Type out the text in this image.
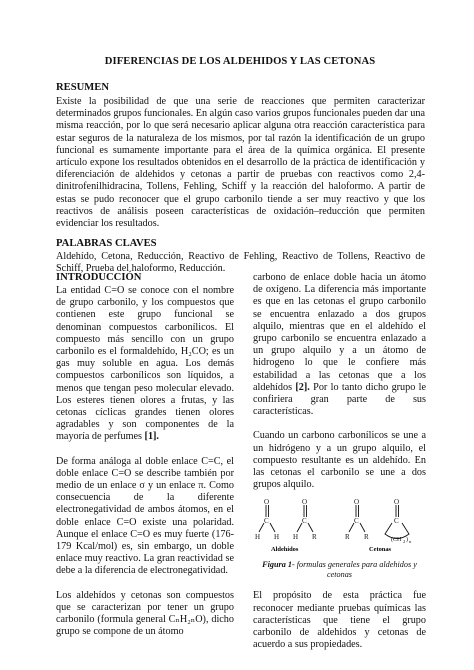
DIFERENCIAS DE LOS ALDEHIDOS Y LAS CETONAS
RESUMEN
Existe la posibilidad de que una serie de reacciones que permiten caracterizar determinados grupos funcionales. En algún caso varios grupos funcionales pueden dar una misma reacción, por lo que será necesario aplicar alguna otra reacción característica para estar seguros de la naturaleza de los mismos, por tal razón la identificación de un grupo funcional es sumamente importante para el área de la química orgánica. El presente artículo expone los resultados obtenidos en el desarrollo de la práctica de identificación y diferenciación de aldehidos y cetonas a partir de pruebas con reactivos como 2,4-dinitrofenilhidracina, Tollens, Fehling, Schiff y la reacción del haloformo. A partir de estas se pudo reconocer que el grupo carbonilo tiende a ser muy reactivo y que los reactivos de análisis poseen características de oxidación–reducción que permiten evidenciar los resultados.
PALABRAS CLAVES
Aldehído, Cetona, Reducción, Reactivo de Fehling, Reactivo de Tollens, Reactivo de Schiff, Prueba del haloformo, Reducción.
INTRODUCCIÓN

La entidad C=O se conoce con el nombre de grupo carbonilo, y los compuestos que contienen este grupo funcional se denominan compuestos carbonílicos. El compuesto más sencillo con un grupo carbonilo es el formaldehído, H₂CO; es un gas muy soluble en agua. Los demás compuestos carbonílicos son líquidos, a menos que tengan peso molecular elevado. Los esteres tienen olores a frutas, y las cetonas cíclicas grandes tienen olores agradables y son componentes de la mayoría de perfumes [1].

De forma análoga al doble enlace C=C, el doble enlace C=O se describe también por medio de un enlace σ y un enlace π. Como consecuencia de la diferente electronegatividad de ambos átomos, en el doble enlace C=O existe una polaridad. Aunque el enlace C=O es muy fuerte (176-179 Kcal/mol) es, sin embargo, un doble enlace muy reactivo. La gran reactividad se debe a la diferencia de electronegatividad.

Los aldehídos y cetonas son compuestos que se caracterizan por tener un grupo carbonilo (formula general CₙH₂ₙO), dicho grupo se compone de un átomo

carbono de enlace doble hacia un átomo de oxígeno. La diferencia más importante es que en las cetonas el grupo carbonilo se encuentra enlazado a dos grupos alquilo, mientras que en el aldehído el grupo carbonilo se encuentra enlazado a un grupo alquilo y a un átomo de hidrogeno lo que le confiere más estabilidad a las cetonas que a los aldehídos [2]. Por lo tanto dicho grupo le confiriera gran parte de sus características.

Cuando un carbono carbonílicos se une a un hidrógeno y a un grupo alquilo, el compuesto resultante es un aldehído. En las cetonas el carbonilo se une a dos grupos alquilo.

O
C
H H
O
C
H R
O
C
R R
O
C
(CH 2 ) n
Aldehídos	Cetonas
Figura 1- formulas generales para aldehidos y cetonas

El propósito de esta práctica fue reconocer mediante pruebas químicas las características que tiene el grupo carbonilo de aldehidos y cetonas de acuerdo a sus propiedades.
